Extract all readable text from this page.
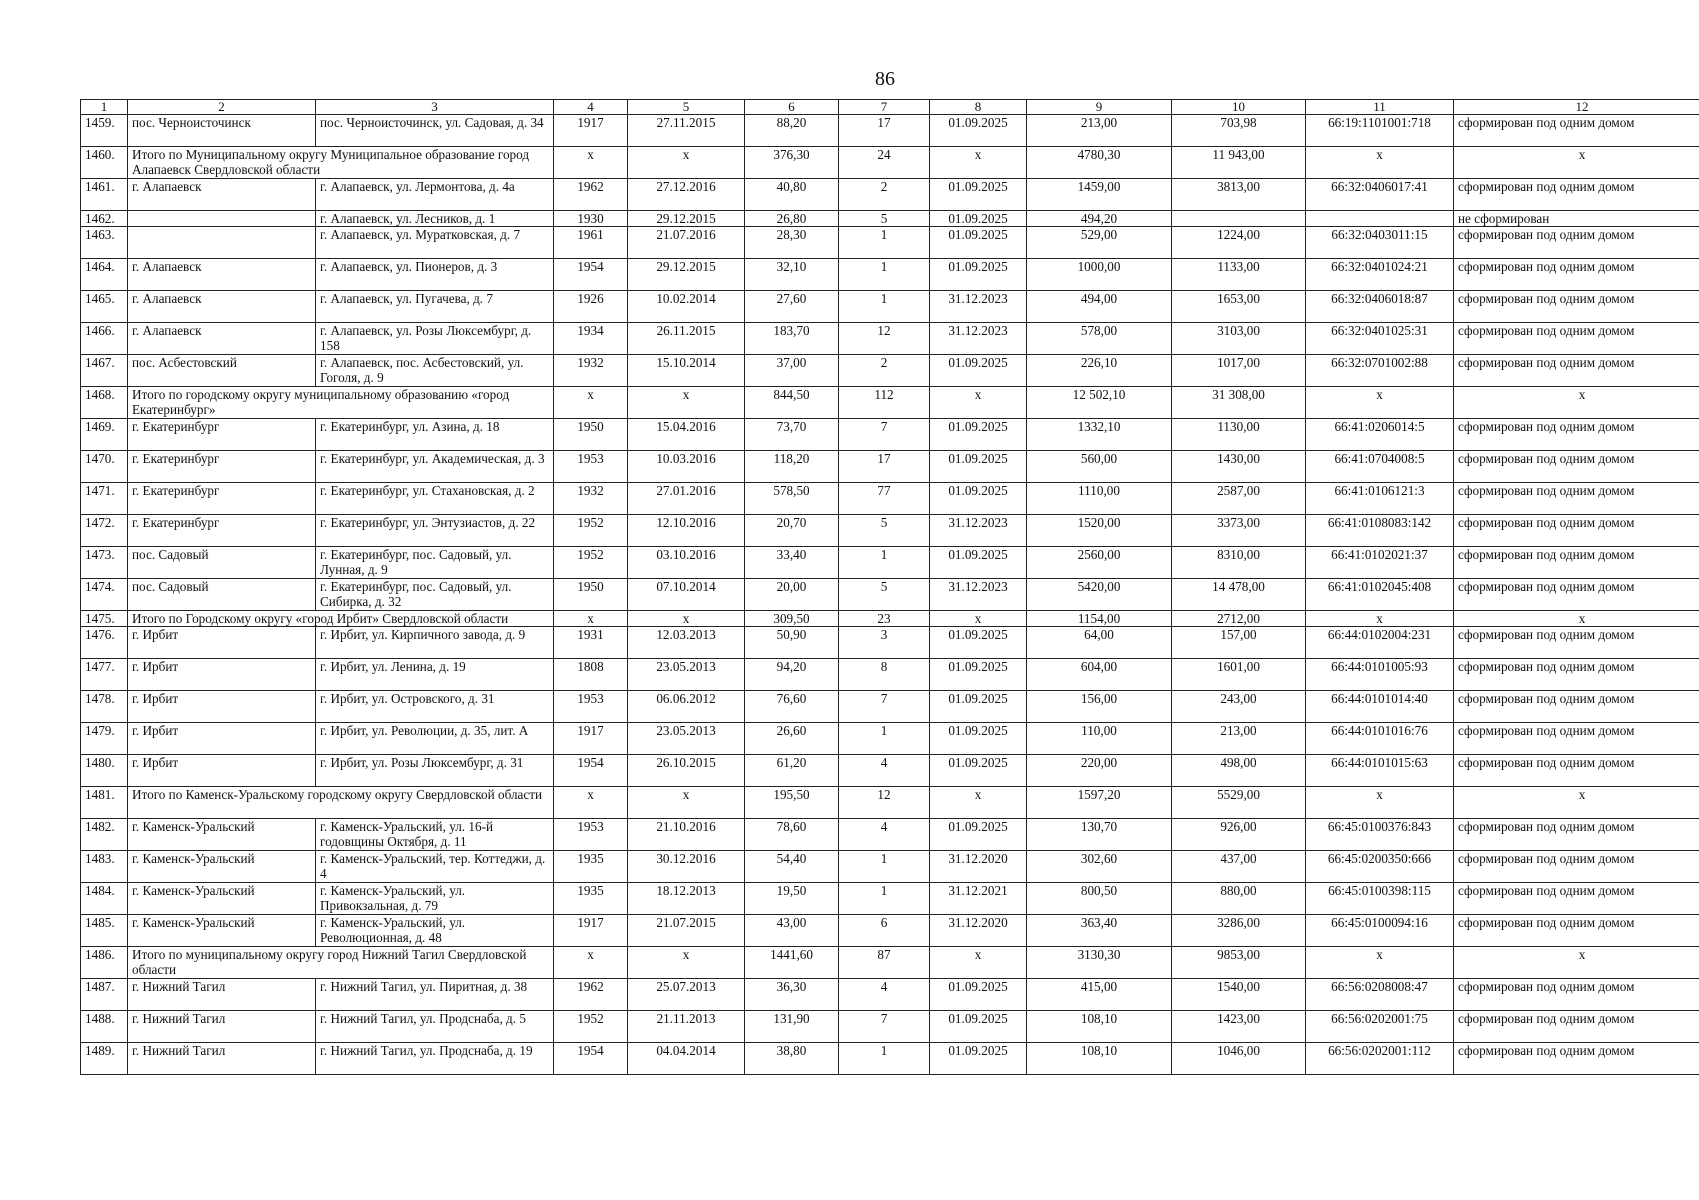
86
1	2	3	4	5	6	7	8	9	10	11	12
1459.	пос. Черноисточинск	пос. Черноисточинск, ул. Садовая, д. 34	1917	27.11.2015	88,20	17	01.09.2025	213,00	703,98	66:19:1101001:718	сформирован под одним домом
1460.	Итого по Муниципальному округу Муниципальное образование город Алапаевск Свердловской области		x	x	376,30	24	x	4780,30	11 943,00	x	x
1461.	г. Алапаевск	г. Алапаевск, ул. Лермонтова, д. 4а	1962	27.12.2016	40,80	2	01.09.2025	1459,00	3813,00	66:32:0406017:41	сформирован под одним домом
1462.		г. Алапаевск, ул. Лесников, д. 1	1930	29.12.2015	26,80	5	01.09.2025	494,20			не сформирован
1463.		г. Алапаевск, ул. Муратковская, д. 7	1961	21.07.2016	28,30	1	01.09.2025	529,00	1224,00	66:32:0403011:15	сформирован под одним домом
1464.	г. Алапаевск	г. Алапаевск, ул. Пионеров, д. 3	1954	29.12.2015	32,10	1	01.09.2025	1000,00	1133,00	66:32:0401024:21	сформирован под одним домом
1465.	г. Алапаевск	г. Алапаевск, ул. Пугачева, д. 7	1926	10.02.2014	27,60	1	31.12.2023	494,00	1653,00	66:32:0406018:87	сформирован под одним домом
1466.	г. Алапаевск	г. Алапаевск, ул. Розы Люксембург, д. 158	1934	26.11.2015	183,70	12	31.12.2023	578,00	3103,00	66:32:0401025:31	сформирован под одним домом
1467.	пос. Асбестовский	г. Алапаевск, пос. Асбестовский, ул. Гоголя, д. 9	1932	15.10.2014	37,00	2	01.09.2025	226,10	1017,00	66:32:0701002:88	сформирован под одним домом
1468.	Итого по городскому округу муниципальному образованию «город Екатеринбург»		x	x	844,50	112	x	12 502,10	31 308,00	x	x
1469.	г. Екатеринбург	г. Екатеринбург, ул. Азина, д. 18	1950	15.04.2016	73,70	7	01.09.2025	1332,10	1130,00	66:41:0206014:5	сформирован под одним домом
1470.	г. Екатеринбург	г. Екатеринбург, ул. Академическая, д. 3	1953	10.03.2016	118,20	17	01.09.2025	560,00	1430,00	66:41:0704008:5	сформирован под одним домом
1471.	г. Екатеринбург	г. Екатеринбург, ул. Стахановская, д. 2	1932	27.01.2016	578,50	77	01.09.2025	1110,00	2587,00	66:41:0106121:3	сформирован под одним домом
1472.	г. Екатеринбург	г. Екатеринбург, ул. Энтузиастов, д. 22	1952	12.10.2016	20,70	5	31.12.2023	1520,00	3373,00	66:41:0108083:142	сформирован под одним домом
1473.	пос. Садовый	г. Екатеринбург, пос. Садовый, ул. Лунная, д. 9	1952	03.10.2016	33,40	1	01.09.2025	2560,00	8310,00	66:41:0102021:37	сформирован под одним домом
1474.	пос. Садовый	г. Екатеринбург, пос. Садовый, ул. Сибирка, д. 32	1950	07.10.2014	20,00	5	31.12.2023	5420,00	14 478,00	66:41:0102045:408	сформирован под одним домом
1475.	Итого по Городскому округу «город Ирбит» Свердловской области		x	x	309,50	23	x	1154,00	2712,00	x	x
1476.	г. Ирбит	г. Ирбит, ул. Кирпичного завода, д. 9	1931	12.03.2013	50,90	3	01.09.2025	64,00	157,00	66:44:0102004:231	сформирован под одним домом
1477.	г. Ирбит	г. Ирбит, ул. Ленина, д. 19	1808	23.05.2013	94,20	8	01.09.2025	604,00	1601,00	66:44:0101005:93	сформирован под одним домом
1478.	г. Ирбит	г. Ирбит, ул. Островского, д. 31	1953	06.06.2012	76,60	7	01.09.2025	156,00	243,00	66:44:0101014:40	сформирован под одним домом
1479.	г. Ирбит	г. Ирбит, ул. Революции, д. 35, лит. А	1917	23.05.2013	26,60	1	01.09.2025	110,00	213,00	66:44:0101016:76	сформирован под одним домом
1480.	г. Ирбит	г. Ирбит, ул. Розы Люксембург, д. 31	1954	26.10.2015	61,20	4	01.09.2025	220,00	498,00	66:44:0101015:63	сформирован под одним домом
1481.	Итого по Каменск-Уральскому городскому округу Свердловской области		x	x	195,50	12	x	1597,20	5529,00	x	x
1482.	г. Каменск-Уральский	г. Каменск-Уральский, ул. 16-й годовщины Октября, д. 11	1953	21.10.2016	78,60	4	01.09.2025	130,70	926,00	66:45:0100376:843	сформирован под одним домом
1483.	г. Каменск-Уральский	г. Каменск-Уральский, тер. Коттеджи, д. 4	1935	30.12.2016	54,40	1	31.12.2020	302,60	437,00	66:45:0200350:666	сформирован под одним домом
1484.	г. Каменск-Уральский	г. Каменск-Уральский, ул. Привокзальная, д. 79	1935	18.12.2013	19,50	1	31.12.2021	800,50	880,00	66:45:0100398:115	сформирован под одним домом
1485.	г. Каменск-Уральский	г. Каменск-Уральский, ул. Революционная, д. 48	1917	21.07.2015	43,00	6	31.12.2020	363,40	3286,00	66:45:0100094:16	сформирован под одним домом
1486.	Итого по муниципальному округу город Нижний Тагил Свердловской области		x	x	1441,60	87	x	3130,30	9853,00	x	x
1487.	г. Нижний Тагил	г. Нижний Тагил, ул. Пиритная, д. 38	1962	25.07.2013	36,30	4	01.09.2025	415,00	1540,00	66:56:0208008:47	сформирован под одним домом
1488.	г. Нижний Тагил	г. Нижний Тагил, ул. Продснаба, д. 5	1952	21.11.2013	131,90	7	01.09.2025	108,10	1423,00	66:56:0202001:75	сформирован под одним домом
1489.	г. Нижний Тагил	г. Нижний Тагил, ул. Продснаба, д. 19	1954	04.04.2014	38,80	1	01.09.2025	108,10	1046,00	66:56:0202001:112	сформирован под одним домом
